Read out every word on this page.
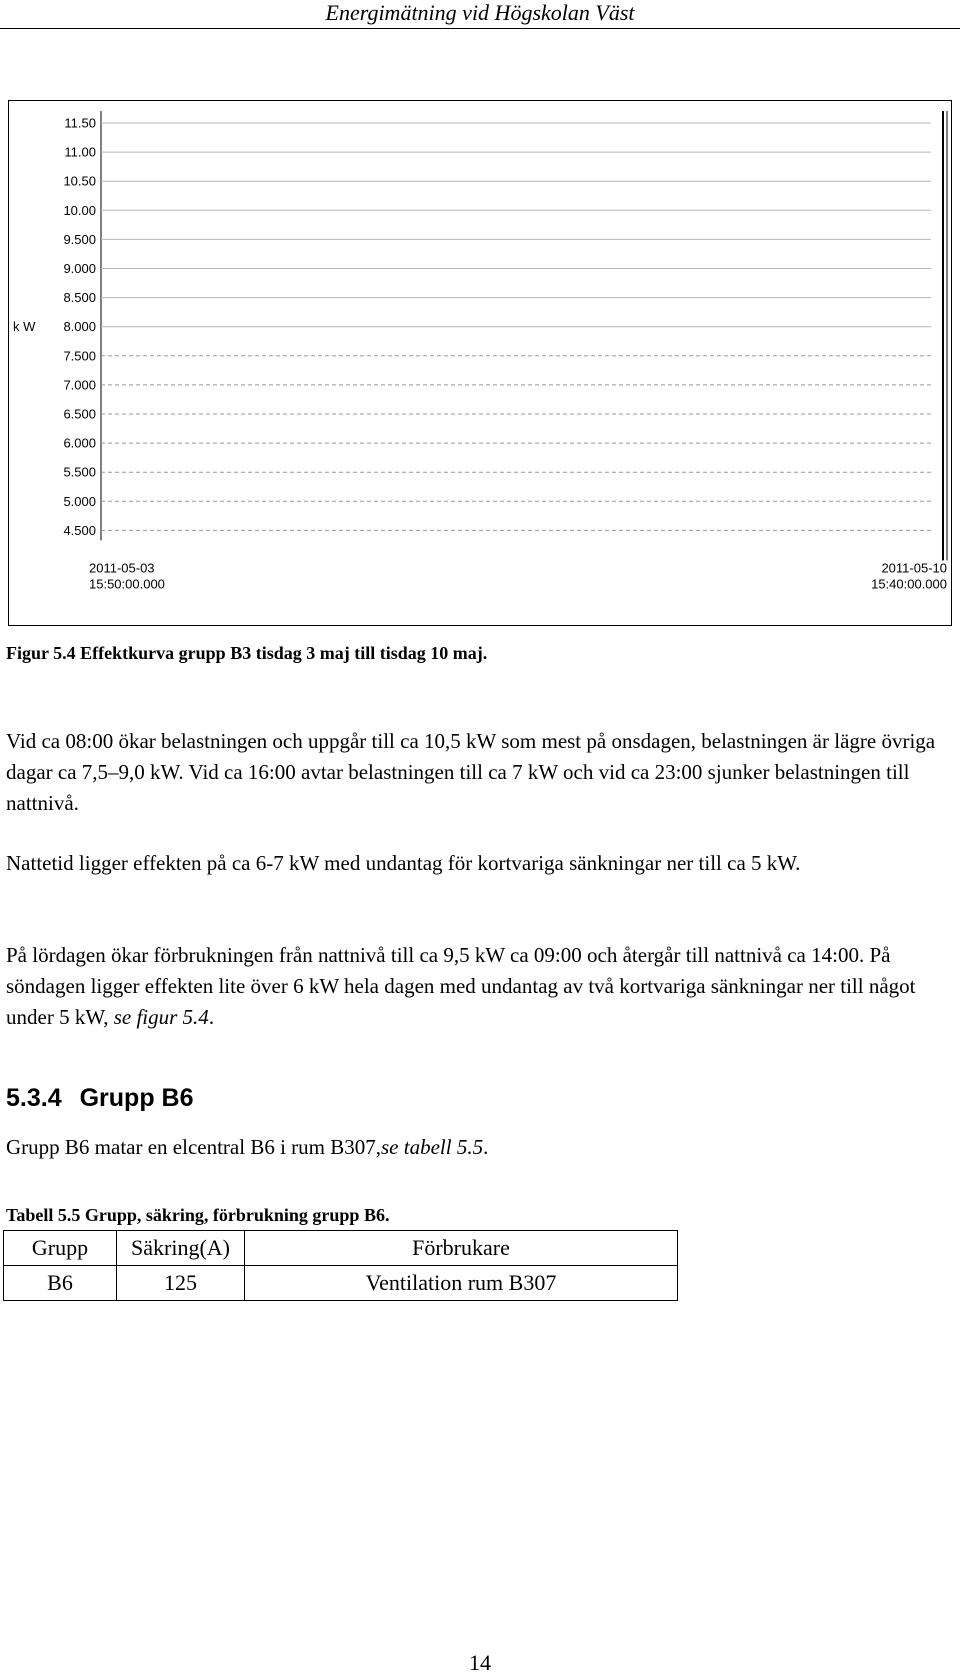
Energimätning vid Högskolan Väst
11.50
11.00
10.50
10.00
9.500
9.000
8.500
8.000
7.500
7.000
6.500
6.000
5.500
5.000
4.500
k W
2011-05-03
15:50:00.000
2011-05-10
15:40:00.000
Figur 5.4 Effektkurva grupp B3 tisdag 3 maj till tisdag 10 maj.

Vid ca 08:00 ökar belastningen och uppgår till ca 10,5 kW som mest på onsdagen, belastningen är lägre övriga dagar ca 7,5–9,0 kW. Vid ca 16:00 avtar belastningen till ca 7 kW och vid ca 23:00 sjunker belastningen till nattnivå.

Nattetid ligger effekten på ca 6-7 kW med undantag för kortvariga sänkningar ner till ca 5 kW.

På lördagen ökar förbrukningen från nattnivå till ca 9,5 kW ca 09:00 och återgår till nattnivå ca 14:00. På söndagen ligger effekten lite över 6 kW hela dagen med undantag av två kortvariga sänkningar ner till något under 5 kW, se figur 5.4.

5.3.4 Grupp B6

Grupp B6 matar en elcentral B6 i rum B307,se tabell 5.5.

Tabell 5.5 Grupp, säkring, förbrukning grupp B6.
Grupp	Säkring(A)	Förbrukare
B6	125	Ventilation rum B307
14
